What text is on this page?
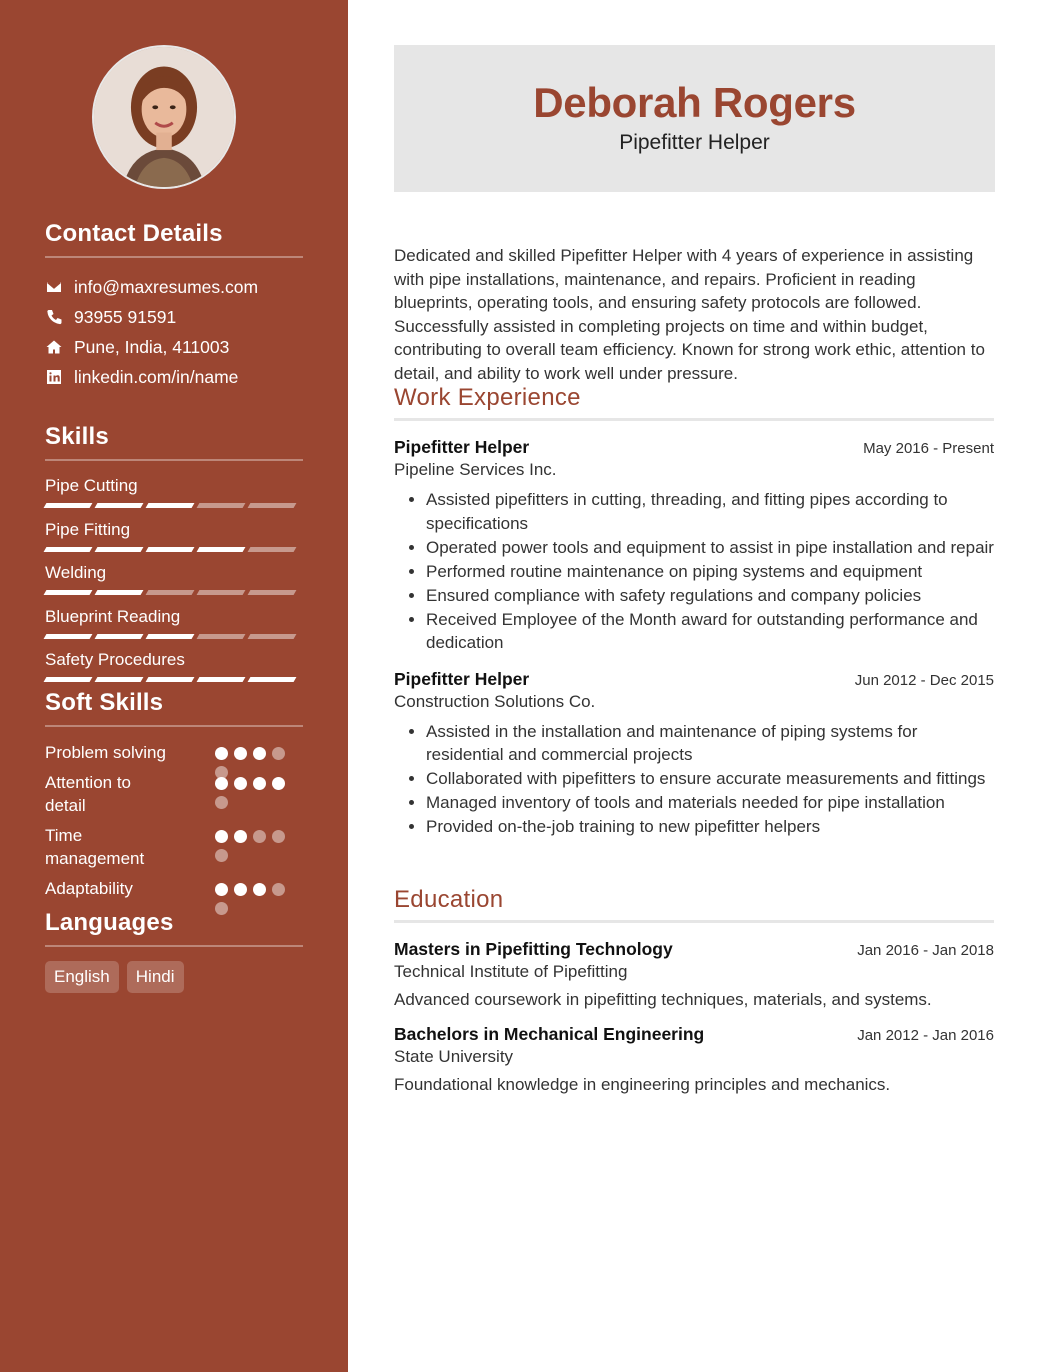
Contact Details
info@maxresumes.com
93955 91591
Pune, India, 411003
linkedin.com/in/name
Skills
Pipe Cutting
Pipe Fitting
Welding
Blueprint Reading
Safety Procedures
Soft Skills
Problem solving
Attention to detail
Time management
Adaptability
Languages
English	Hindi
Deborah Rogers
Pipefitter Helper
Dedicated and skilled Pipefitter Helper with 4 years of experience in assisting with pipe installations, maintenance, and repairs. Proficient in reading blueprints, operating tools, and ensuring safety protocols are followed. Successfully assisted in completing projects on time and within budget, contributing to overall team efficiency. Known for strong work ethic, attention to detail, and ability to work well under pressure.
Work Experience
Pipefitter Helper	May 2016 - Present
Pipeline Services Inc.
• Assisted pipefitters in cutting, threading, and fitting pipes according to specifications
• Operated power tools and equipment to assist in pipe installation and repair
• Performed routine maintenance on piping systems and equipment
• Ensured compliance with safety regulations and company policies
• Received Employee of the Month award for outstanding performance and dedication
Pipefitter Helper	Jun 2012 - Dec 2015
Construction Solutions Co.
• Assisted in the installation and maintenance of piping systems for residential and commercial projects
• Collaborated with pipefitters to ensure accurate measurements and fittings
• Managed inventory of tools and materials needed for pipe installation
• Provided on-the-job training to new pipefitter helpers
Education
Masters in Pipefitting Technology	Jan 2016 - Jan 2018
Technical Institute of Pipefitting
Advanced coursework in pipefitting techniques, materials, and systems.
Bachelors in Mechanical Engineering	Jan 2012 - Jan 2016
State University
Foundational knowledge in engineering principles and mechanics.
